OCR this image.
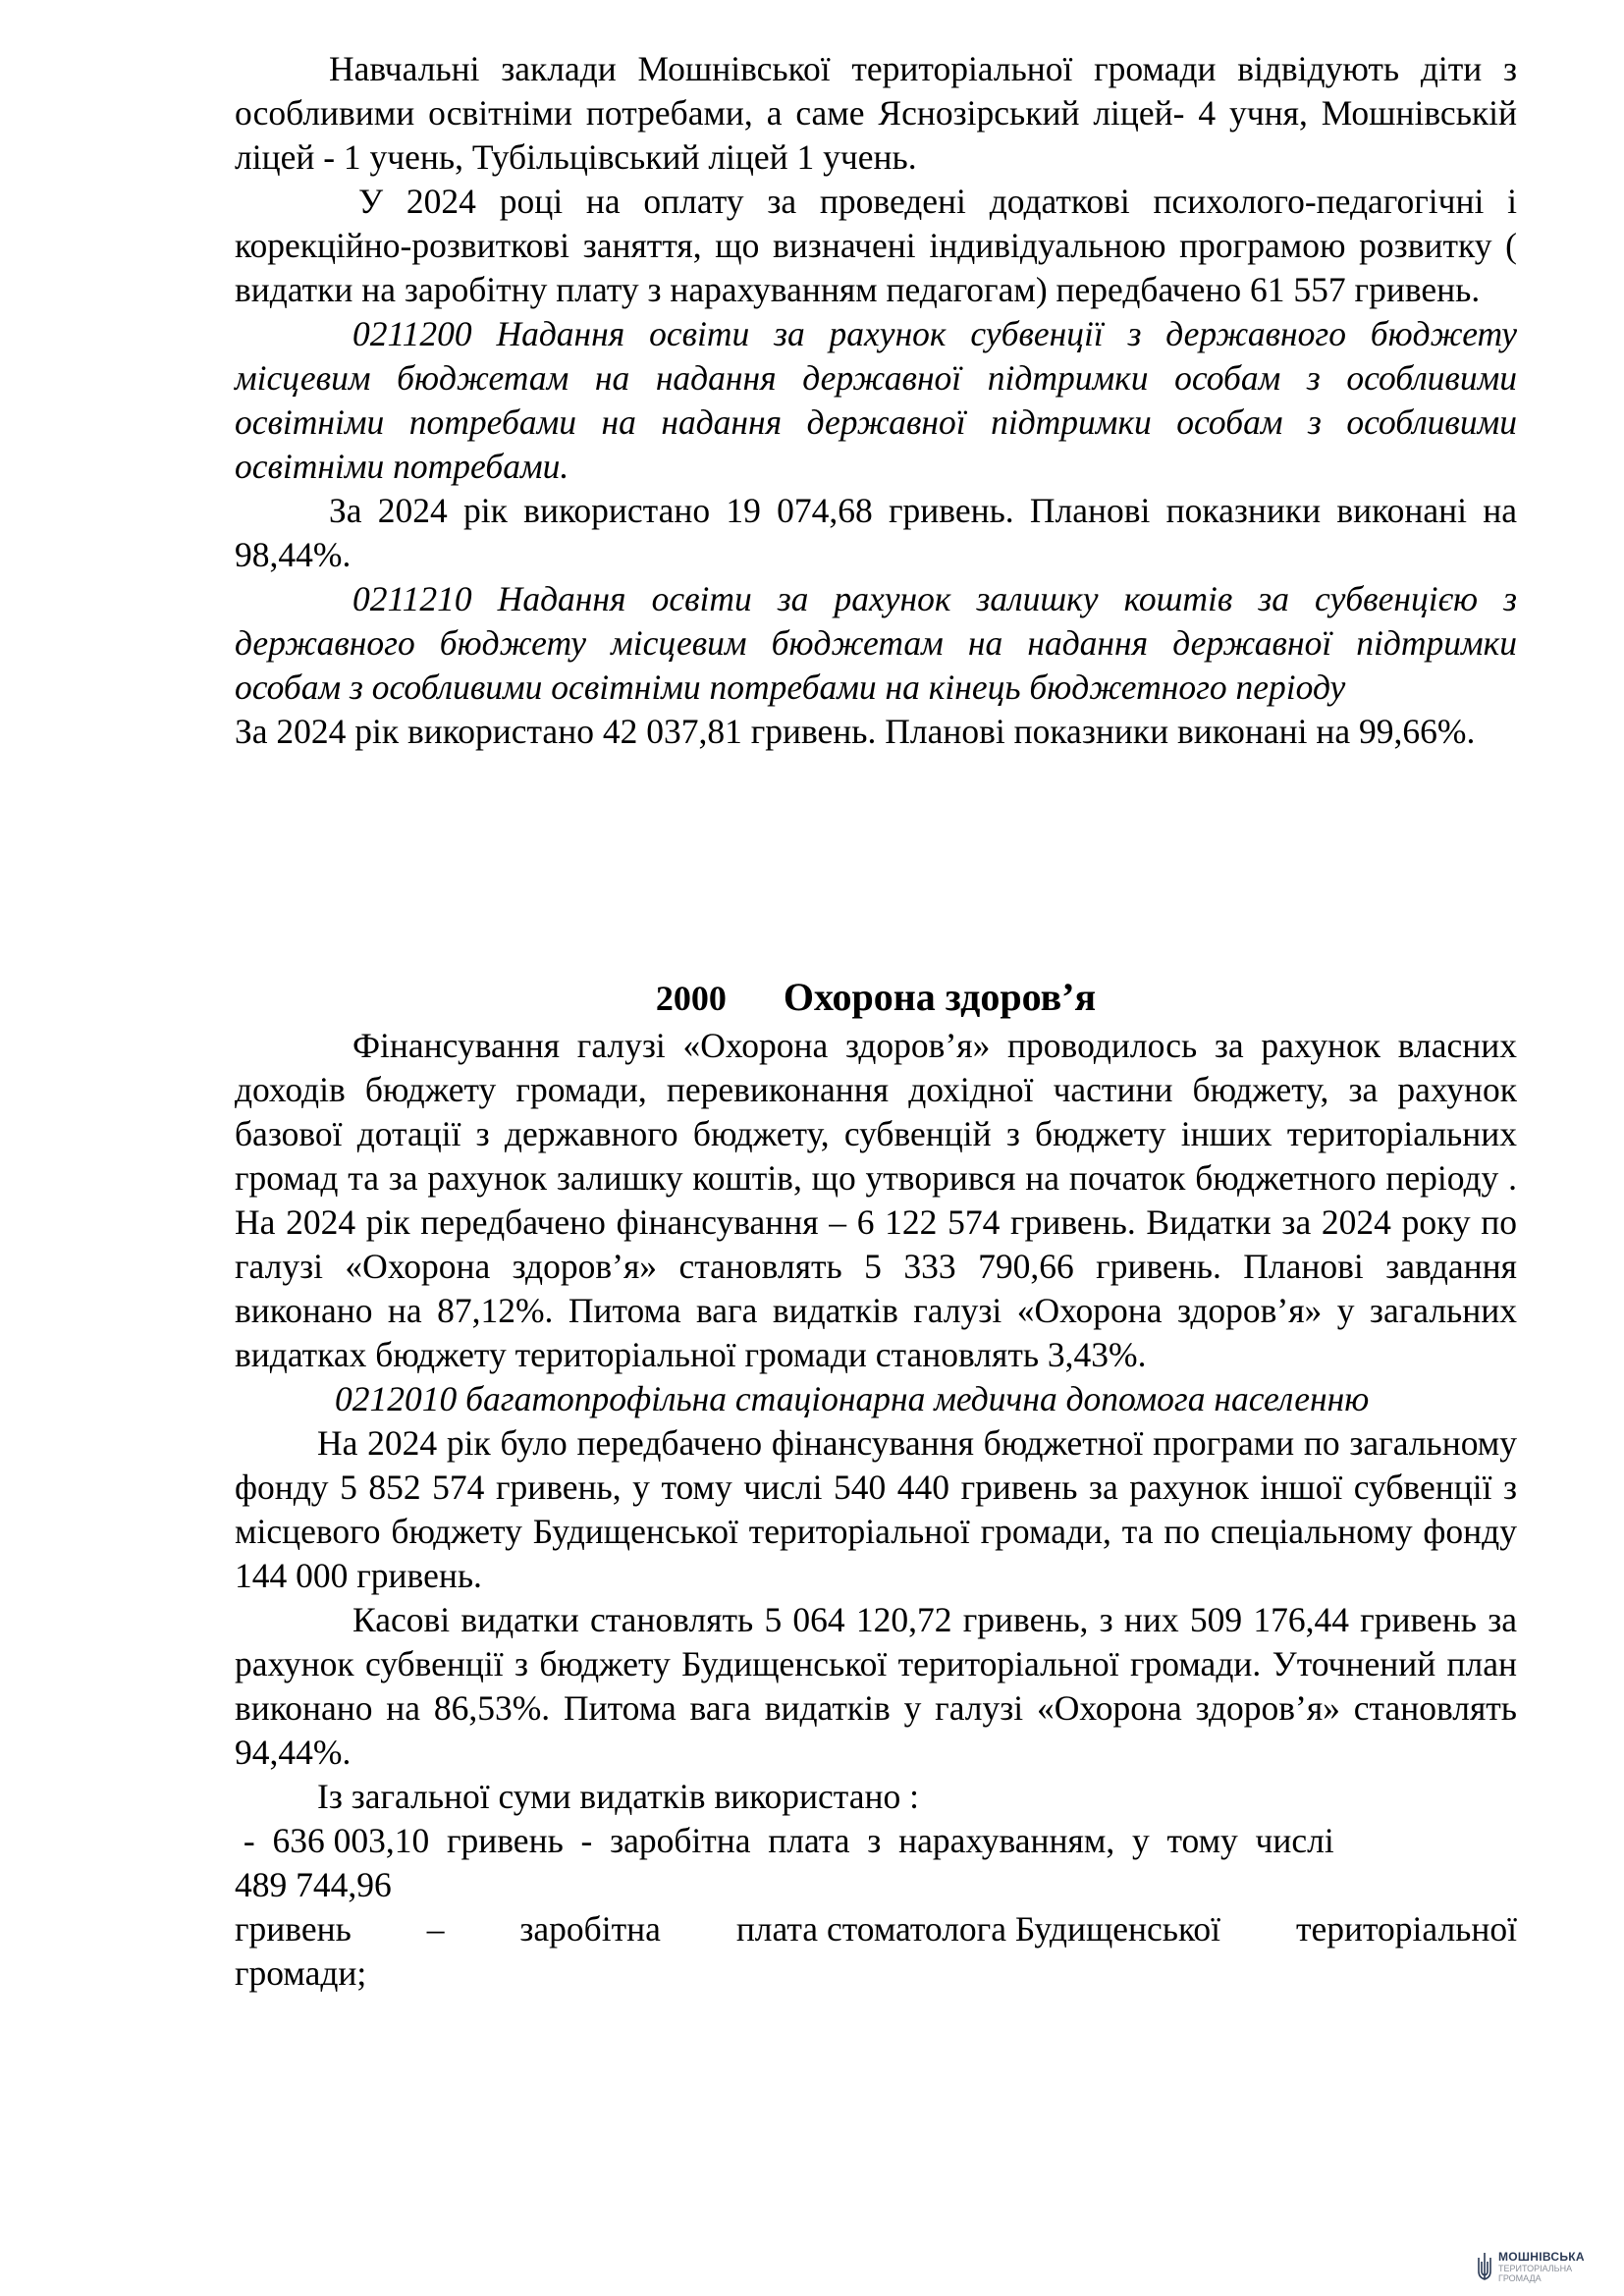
Навчальні заклади Мошнівської територіальної громади відвідують діти з особливими освітніми потребами, а саме Яснозірський ліцей- 4 учня, Мошнівській ліцей - 1 учень, Тубільцівський ліцей 1 учень.

У 2024 році на оплату за проведені додаткові психолого-педагогічні і корекційно-розвиткові заняття, що визначені індивідуальною програмою розвитку ( видатки на заробітну плату з нарахуванням педагогам) передбачено 61 557 гривень.

0211200 Надання освіти за рахунок субвенції з державного бюджету місцевим бюджетам на надання державної підтримки особам з особливими освітніми потребами на надання державної підтримки особам з особливими освітніми потребами.

За 2024 рік використано 19 074,68 гривень. Планові показники виконані на 98,44%.

0211210 Надання освіти за рахунок залишку коштів за субвенцією з державного бюджету місцевим бюджетам на надання державної підтримки особам з особливими освітніми потребами на кінець бюджетного періоду

За 2024 рік використано 42 037,81 гривень. Планові показники виконані на 99,66%.

2000 Охорона здоров’я

Фінансування галузі «Охорона здоров’я» проводилось за рахунок власних доходів бюджету громади, перевиконання дохідної частини бюджету, за рахунок базової дотації з державного бюджету, субвенцій з бюджету інших територіальних громад та за рахунок залишку коштів, що утворився на початок бюджетного періоду . На 2024 рік передбачено фінансування – 6 122 574 гривень. Видатки за 2024 року по галузі «Охорона здоров’я» становлять 5 333 790,66 гривень. Планові завдання виконано на 87,12%. Питома вага видатків галузі «Охорона здоров’я» у загальних видатках бюджету територіальної громади становлять 3,43%.

0212010 багатопрофільна стаціонарна медична допомога населенню

На 2024 рік було передбачено фінансування бюджетної програми по загальному фонду 5 852 574 гривень, у тому числі 540 440 гривень за рахунок іншої субвенції з місцевого бюджету Будищенської територіальної громади, та по спеціальному фонду 144 000 гривень.

Касові видатки становлять 5 064 120,72 гривень, з них 509 176,44 гривень за рахунок субвенції з бюджету Будищенської територіальної громади. Уточнений план виконано на 86,53%. Питома вага видатків у галузі «Охорона здоров’я» становлять 94,44%.

Із загальної суми видатків використано :

-  636 003,10  гривень  -  заробітна  плата  з  нарахуванням,  у  тому  числі

489 744,96

гривень – заробітна плата стоматолога Будищенської територіальної

громади;

МОШНІВСЬКА
ТЕРИТОРІАЛЬНА
ГРОМАДА
